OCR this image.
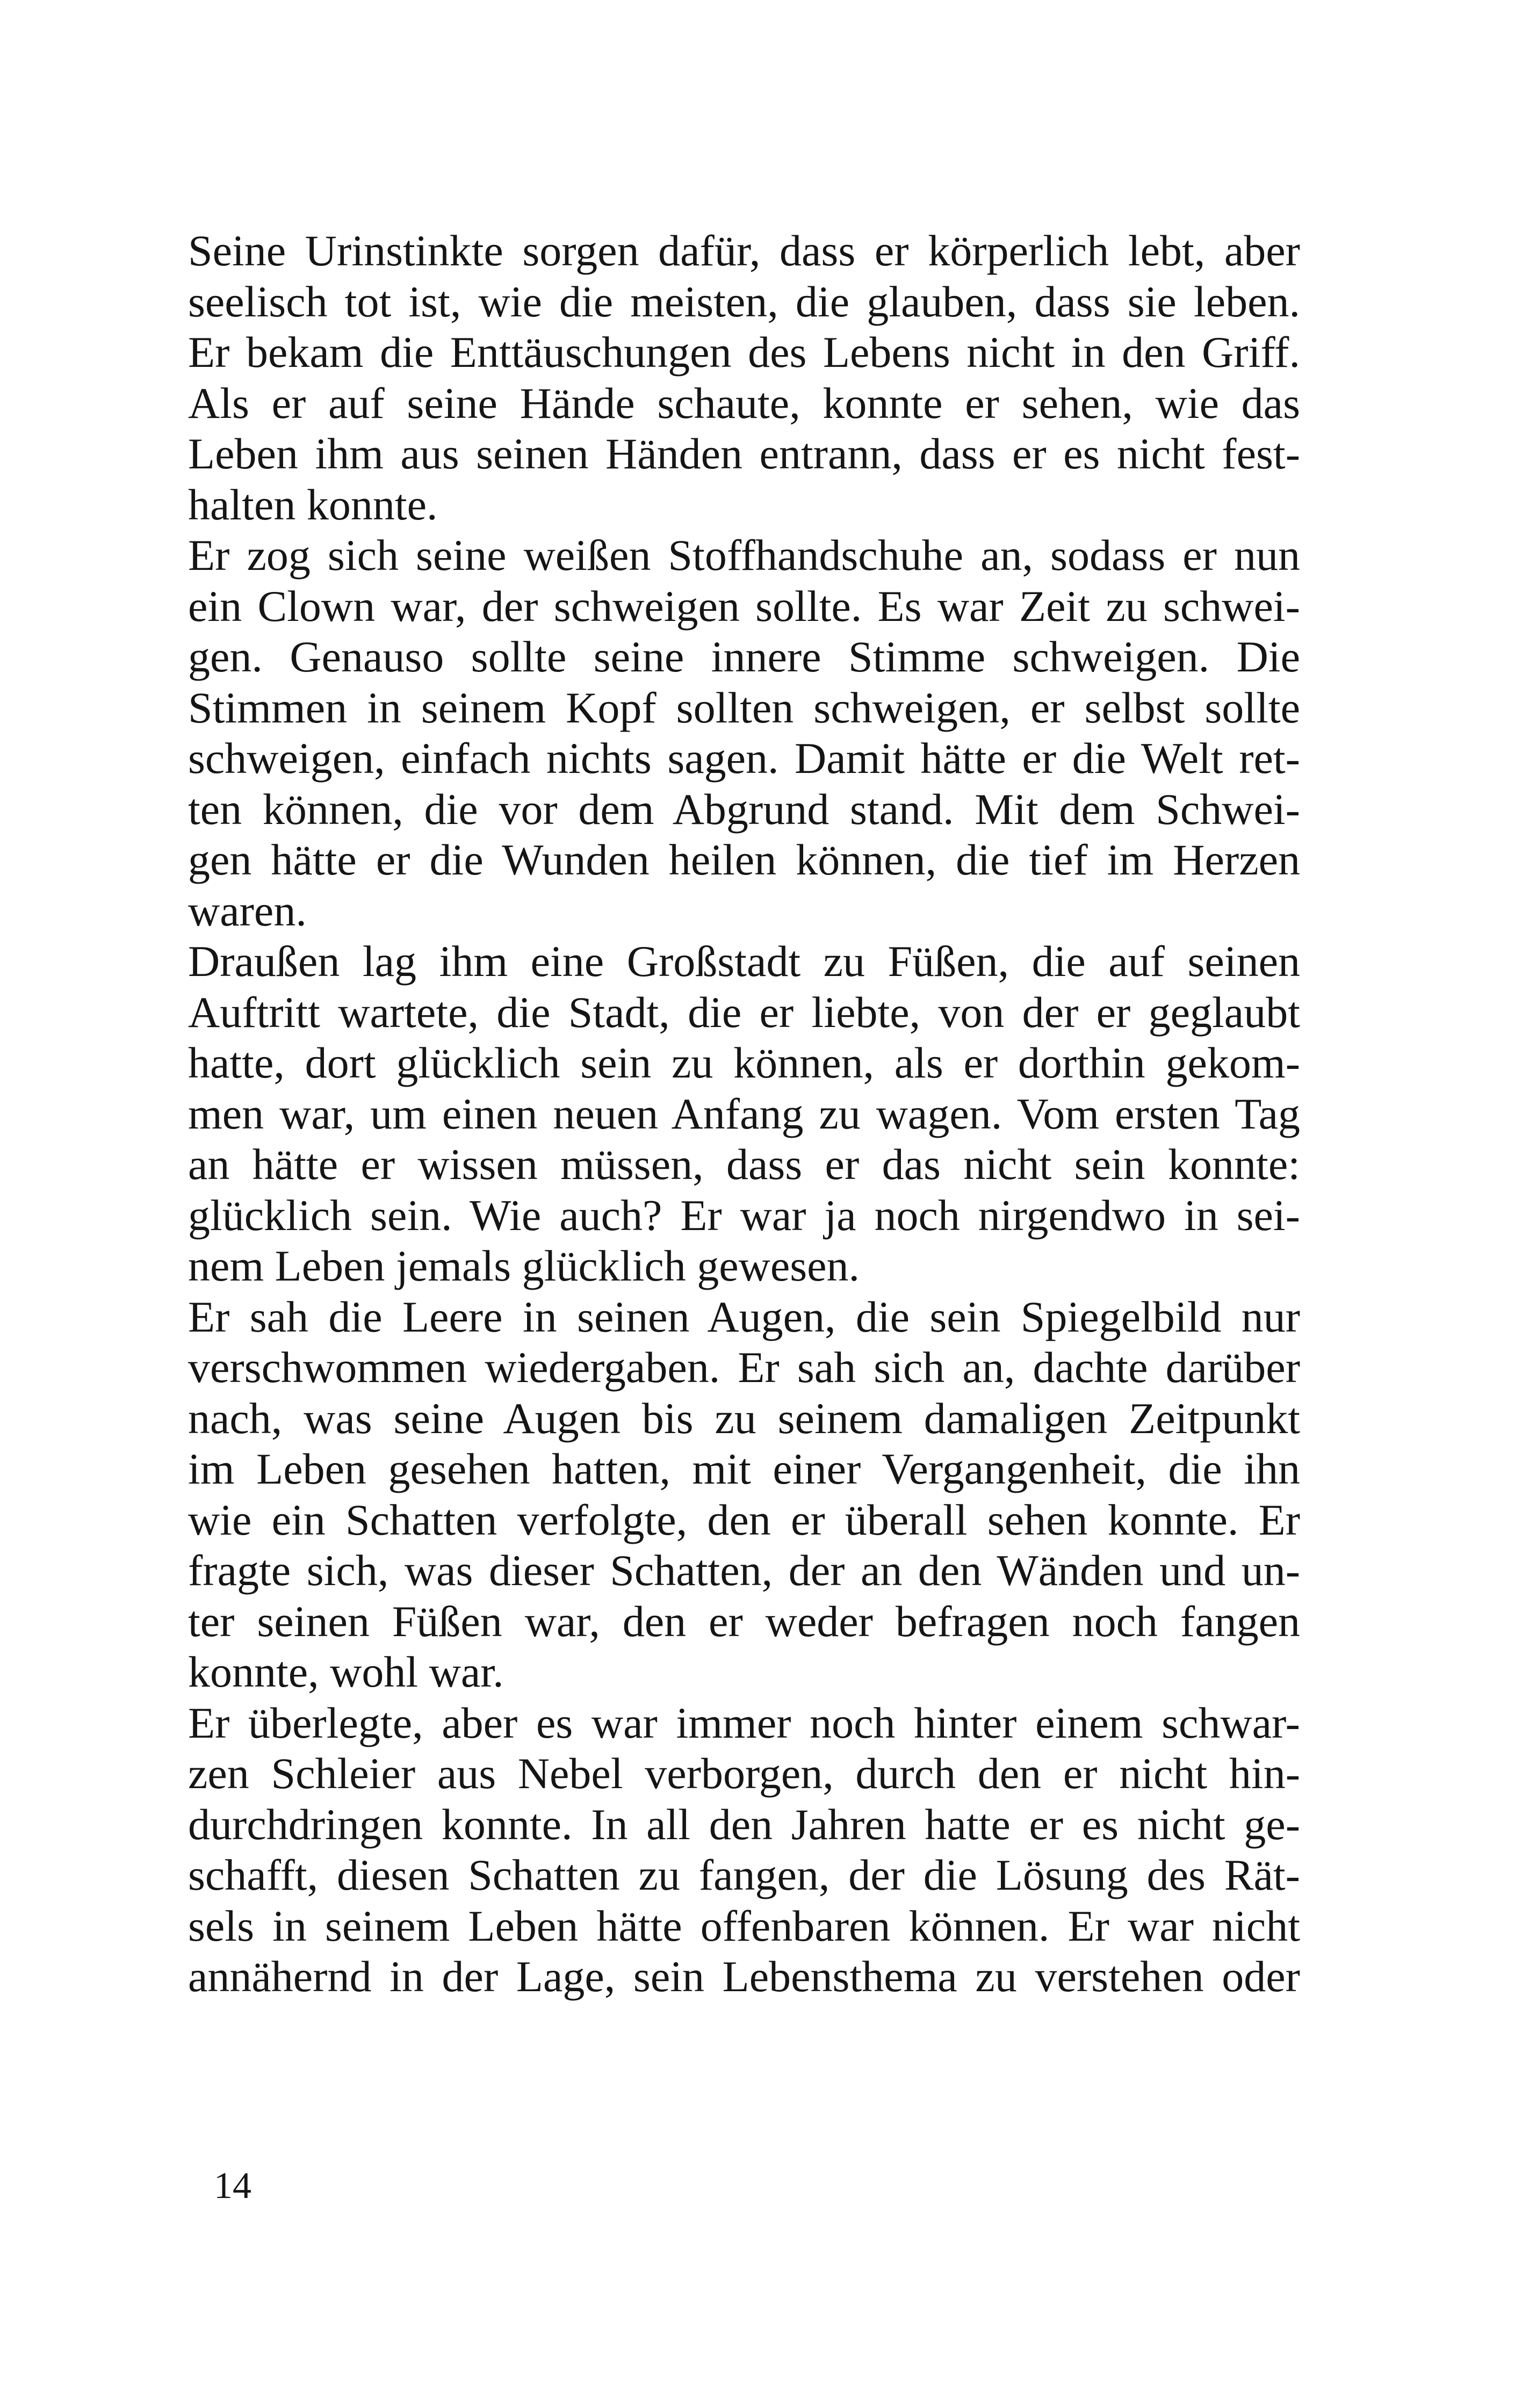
Seine Urinstinkte sorgen dafür, dass er körperlich lebt, aber
seelisch tot ist, wie die meisten, die glauben, dass sie leben.
Er bekam die Enttäuschungen des Lebens nicht in den Griff.
Als er auf seine Hände schaute, konnte er sehen, wie das
Leben ihm aus seinen Händen entrann, dass er es nicht fest-
halten konnte.
Er zog sich seine weißen Stoffhandschuhe an, sodass er nun
ein Clown war, der schweigen sollte. Es war Zeit zu schwei-
gen. Genauso sollte seine innere Stimme schweigen. Die
Stimmen in seinem Kopf sollten schweigen, er selbst sollte
schweigen, einfach nichts sagen. Damit hätte er die Welt ret-
ten können, die vor dem Abgrund stand. Mit dem Schwei-
gen hätte er die Wunden heilen können, die tief im Herzen
waren.
Draußen lag ihm eine Großstadt zu Füßen, die auf seinen
Auftritt wartete, die Stadt, die er liebte, von der er geglaubt
hatte, dort glücklich sein zu können, als er dorthin gekom-
men war, um einen neuen Anfang zu wagen. Vom ersten Tag
an hätte er wissen müssen, dass er das nicht sein konnte:
glücklich sein. Wie auch? Er war ja noch nirgendwo in sei-
nem Leben jemals glücklich gewesen.
Er sah die Leere in seinen Augen, die sein Spiegelbild nur
verschwommen wiedergaben. Er sah sich an, dachte darüber
nach, was seine Augen bis zu seinem damaligen Zeitpunkt
im Leben gesehen hatten, mit einer Vergangenheit, die ihn
wie ein Schatten verfolgte, den er überall sehen konnte. Er
fragte sich, was dieser Schatten, der an den Wänden und un-
ter seinen Füßen war, den er weder befragen noch fangen
konnte, wohl war.
Er überlegte, aber es war immer noch hinter einem schwar-
zen Schleier aus Nebel verborgen, durch den er nicht hin-
durchdringen konnte. In all den Jahren hatte er es nicht ge-
schafft, diesen Schatten zu fangen, der die Lösung des Rät-
sels in seinem Leben hätte offenbaren können. Er war nicht
annähernd in der Lage, sein Lebensthema zu verstehen oder
14
